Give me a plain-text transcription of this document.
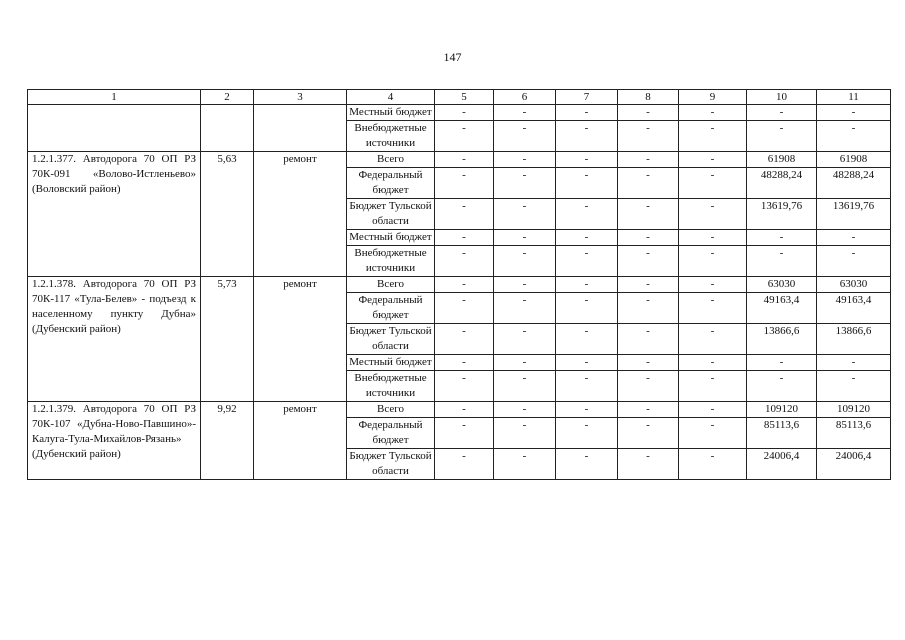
147
1	2	3	4	5	6	7	8	9	10	11
			Местный бюджет	-	-	-	-	-	-	-
			Внебюджетные источники	-	-	-	-	-	-	-
1.2.1.377. Автодорога 70 ОП РЗ 70К-091 «Волово-Истленьево» (Воловский район)	5,63	ремонт	Всего	-	-	-	-	-	61908	61908
			Федеральный бюджет	-	-	-	-	-	48288,24	48288,24
			Бюджет Тульской области	-	-	-	-	-	13619,76	13619,76
			Местный бюджет	-	-	-	-	-	-	-
			Внебюджетные источники	-	-	-	-	-	-	-
1.2.1.378. Автодорога 70 ОП РЗ 70К-117 «Тула-Белев» - подъезд к населенному пункту Дубна» (Дубенский район)	5,73	ремонт	Всего	-	-	-	-	-	63030	63030
			Федеральный бюджет	-	-	-	-	-	49163,4	49163,4
			Бюджет Тульской области	-	-	-	-	-	13866,6	13866,6
			Местный бюджет	-	-	-	-	-	-	-
			Внебюджетные источники	-	-	-	-	-	-	-
1.2.1.379. Автодорога 70 ОП РЗ 70К-107 «Дубна-Ново-Павшино»-Калуга-Тула-Михайлов-Рязань» (Дубенский район)	9,92	ремонт	Всего	-	-	-	-	-	109120	109120
			Федеральный бюджет	-	-	-	-	-	85113,6	85113,6
			Бюджет Тульской области	-	-	-	-	-	24006,4	24006,4
